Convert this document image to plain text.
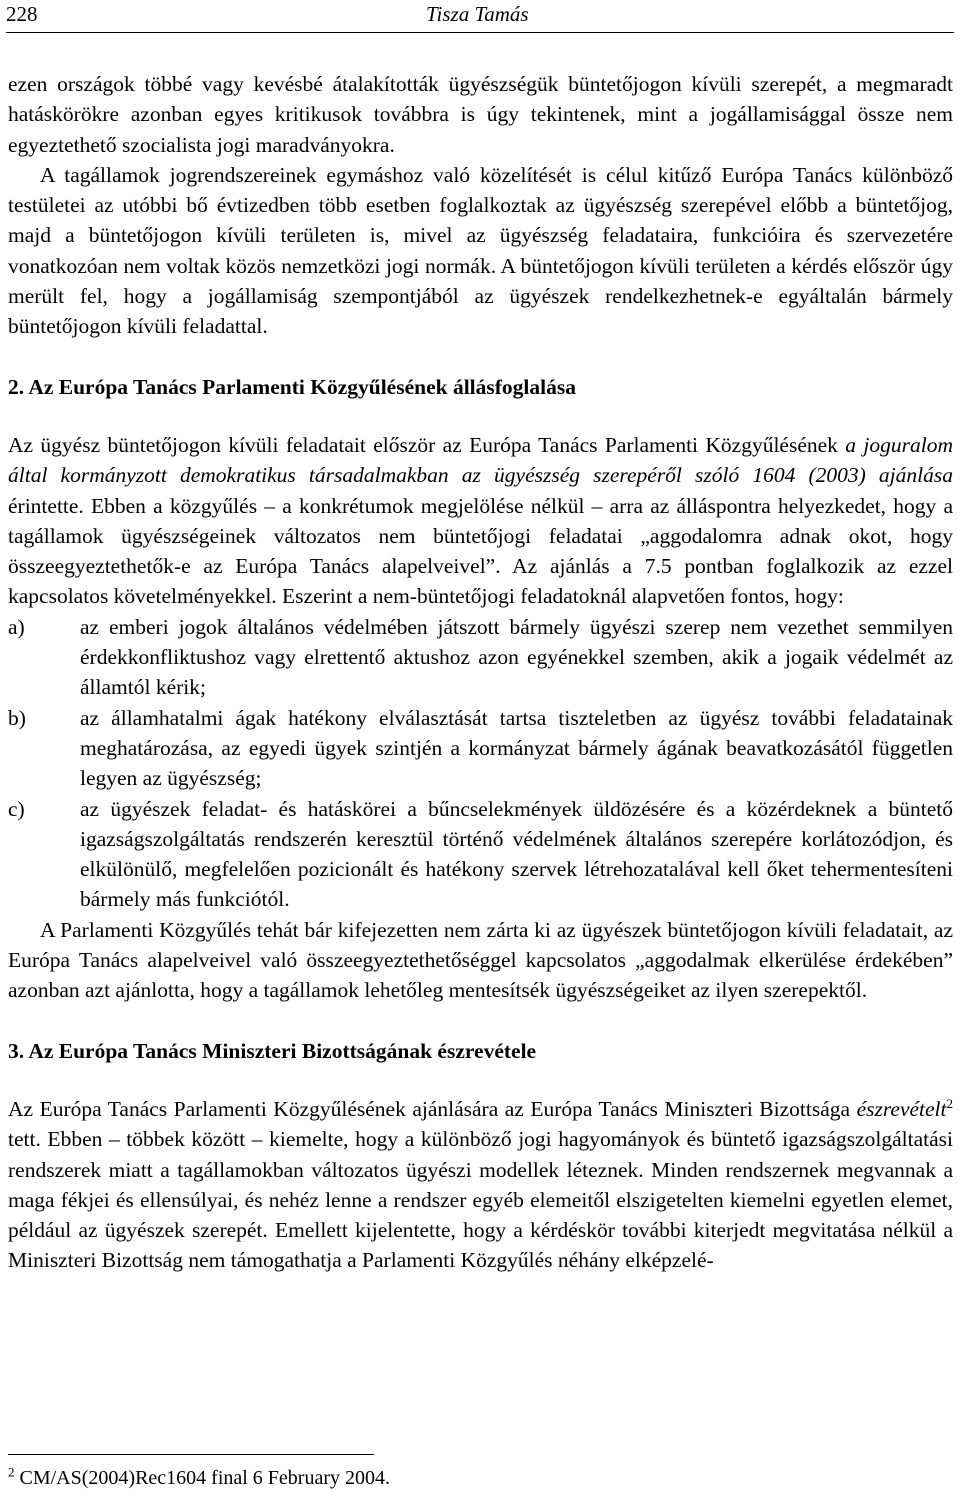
228	Tisza Tamás

ezen országok többé vagy kevésbé átalakították ügyészségük büntetőjogon kívüli szerepét, a megmaradt hatáskörökre azonban egyes kritikusok továbbra is úgy tekintenek, mint a jogállamisággal össze nem egyeztethető szocialista jogi maradványokra.

A tagállamok jogrendszereinek egymáshoz való közelítését is célul kitűző Európa Tanács különböző testületei az utóbbi bő évtizedben több esetben foglalkoztak az ügyészség szerepével előbb a büntetőjog, majd a büntetőjogon kívüli területen is, mivel az ügyészség feladataira, funkcióira és szervezetére vonatkozóan nem voltak közös nemzetközi jogi normák. A büntetőjogon kívüli területen a kérdés először úgy merült fel, hogy a jogállamiság szempontjából az ügyészek rendelkezhetnek-e egyáltalán bármely büntetőjogon kívüli feladattal.

2. Az Európa Tanács Parlamenti Közgyűlésének állásfoglalása

Az ügyész büntetőjogon kívüli feladatait először az Európa Tanács Parlamenti Közgyűlésének a joguralom által kormányzott demokratikus társadalmakban az ügyészség szerepéről szóló 1604 (2003) ajánlása érintette. Ebben a közgyűlés – a konkrétumok megjelölése nélkül – arra az álláspontra helyezkedet, hogy a tagállamok ügyészségeinek változatos nem büntetőjogi feladatai „aggodalomra adnak okot, hogy összeegyeztethetők-e az Európa Tanács alapelveivel”. Az ajánlás a 7.5 pontban foglalkozik az ezzel kapcsolatos követelményekkel. Eszerint a nem-büntetőjogi feladatoknál alapvetően fontos, hogy:

a)	az emberi jogok általános védelmében játszott bármely ügyészi szerep nem vezethet semmilyen érdekkonfliktushoz vagy elrettentő aktushoz azon egyénekkel szemben, akik a jogaik védelmét az államtól kérik;
b)	az államhatalmi ágak hatékony elválasztását tartsa tiszteletben az ügyész további feladatainak meghatározása, az egyedi ügyek szintjén a kormányzat bármely ágának beavatkozásától független legyen az ügyészség;
c)	az ügyészek feladat- és hatáskörei a bűncselekmények üldözésére és a közérdeknek a büntető igazságszolgáltatás rendszerén keresztül történő védelmének általános szerepére korlátozódjon, és elkülönülő, megfelelően pozicionált és hatékony szervek létrehozatalával kell őket tehermentesíteni bármely más funkciótól.

A Parlamenti Közgyűlés tehát bár kifejezetten nem zárta ki az ügyészek büntetőjogon kívüli feladatait, az Európa Tanács alapelveivel való összeegyeztethetőséggel kapcsolatos „aggodalmak elkerülése érdekében” azonban azt ajánlotta, hogy a tagállamok lehetőleg mentesítsék ügyészségeiket az ilyen szerepektől.

3. Az Európa Tanács Miniszteri Bizottságának észrevétele

Az Európa Tanács Parlamenti Közgyűlésének ajánlására az Európa Tanács Miniszteri Bizottsága észrevételt$^2$ tett. Ebben – többek között – kiemelte, hogy a különböző jogi hagyományok és büntető igazságszolgáltatási rendszerek miatt a tagállamokban változatos ügyészi modellek léteznek. Minden rendszernek megvannak a maga fékjei és ellensúlyai, és nehéz lenne a rendszer egyéb elemeitől elszigetelten kiemelni egyetlen elemet, például az ügyészek szerepét. Emellett kijelentette, hogy a kérdéskör további kiterjedt megvitatása nélkül a Miniszteri Bizottság nem támogathatja a Parlamenti Közgyűlés néhány elképzelé-

$^2$ CM/AS(2004)Rec1604 final 6 February 2004.
